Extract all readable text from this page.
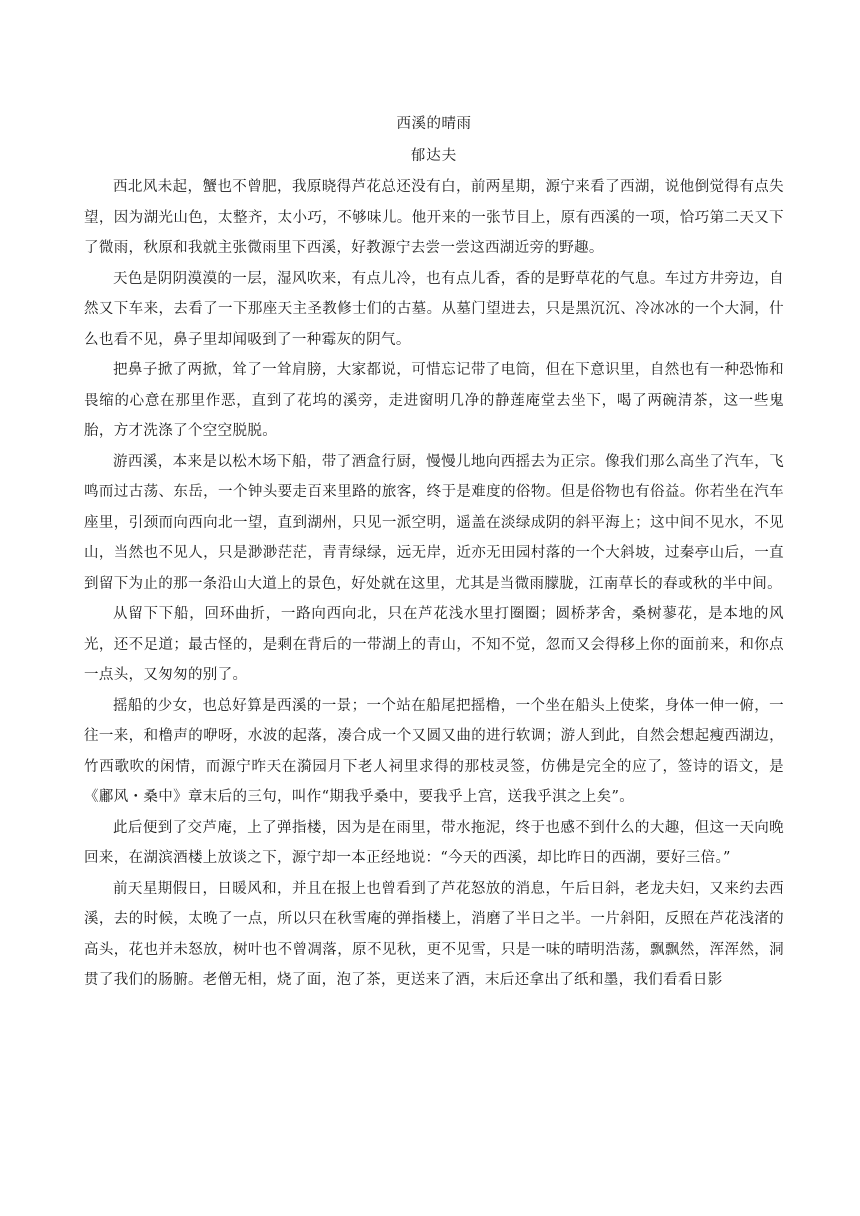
西溪的晴雨

郁达夫

西北风未起，蟹也不曾肥，我原晓得芦花总还没有白，前两星期，源宁来看了西湖，说他倒觉得有点失望，因为湖光山色，太整齐，太小巧，不够味儿。他开来的一张节目上，原有西溪的一项，恰巧第二天又下了微雨，秋原和我就主张微雨里下西溪，好教源宁去尝一尝这西湖近旁的野趣。

天色是阴阴漠漠的一层，湿风吹来，有点儿冷，也有点儿香，香的是野草花的气息。车过方井旁边，自然又下车来，去看了一下那座天主圣教修士们的古墓。从墓门望进去，只是黑沉沉、冷冰冰的一个大洞，什么也看不见，鼻子里却闻吸到了一种霉灰的阴气。

把鼻子掀了两掀，耸了一耸肩膀，大家都说，可惜忘记带了电筒，但在下意识里，自然也有一种恐怖和畏缩的心意在那里作恶，直到了花坞的溪旁，走进窗明几净的静莲庵堂去坐下，喝了两碗清茶，这一些鬼胎，方才洗涤了个空空脱脱。

游西溪，本来是以松木场下船，带了酒盒行厨，慢慢儿地向西摇去为正宗。像我们那么高坐了汽车，飞鸣而过古荡、东岳，一个钟头要走百来里路的旅客，终于是难度的俗物。但是俗物也有俗益。你若坐在汽车座里，引颈而向西向北一望，直到湖州，只见一派空明，遥盖在淡绿成阴的斜平海上；这中间不见水，不见山，当然也不见人，只是渺渺茫茫，青青绿绿，远无岸，近亦无田园村落的一个大斜坡，过秦亭山后，一直到留下为止的那一条沿山大道上的景色，好处就在这里，尤其是当微雨朦胧，江南草长的春或秋的半中间。

从留下下船，回环曲折，一路向西向北，只在芦花浅水里打圈圈；圆桥茅舍，桑树蓼花，是本地的风光，还不足道；最古怪的，是剩在背后的一带湖上的青山，不知不觉，忽而又会得移上你的面前来，和你点一点头，又匆匆的别了。

摇船的少女，也总好算是西溪的一景；一个站在船尾把摇橹，一个坐在船头上使桨，身体一伸一俯，一往一来，和橹声的咿呀，水波的起落，凑合成一个又圆又曲的进行软调；游人到此，自然会想起瘦西湖边，竹西歌吹的闲情，而源宁昨天在漪园月下老人祠里求得的那枝灵签，仿佛是完全的应了，签诗的语文，是《鄘风・桑中》章末后的三句，叫作“期我乎桑中，要我乎上宫，送我乎淇之上矣”。

此后便到了交芦庵，上了弹指楼，因为是在雨里，带水拖泥，终于也感不到什么的大趣，但这一天向晚回来，在湖滨酒楼上放谈之下，源宁却一本正经地说：“今天的西溪，却比昨日的西湖，要好三倍。”

前天星期假日，日暖风和，并且在报上也曾看到了芦花怒放的消息，午后日斜，老龙夫妇，又来约去西溪，去的时候，太晚了一点，所以只在秋雪庵的弹指楼上，消磨了半日之半。一片斜阳，反照在芦花浅渚的高头，花也并未怒放，树叶也不曾凋落，原不见秋，更不见雪，只是一味的晴明浩荡，飘飘然，浑浑然，洞贯了我们的肠腑。老僧无相，烧了面，泡了茶，更送来了酒，末后还拿出了纸和墨，我们看看日影
